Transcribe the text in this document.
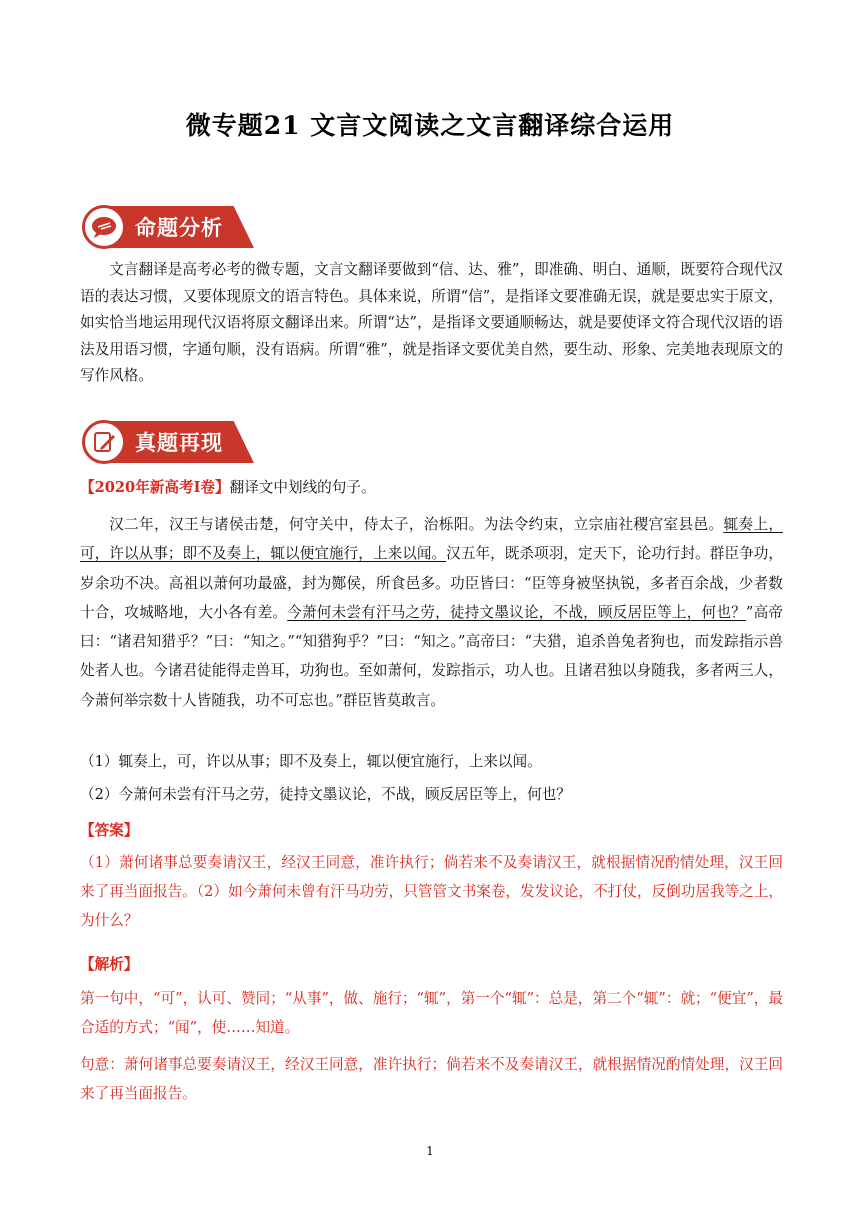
微专题21 文言文阅读之文言翻译综合运用
命题分析
文言翻译是高考必考的微专题，文言文翻译要做到“信、达、雅”，即准确、明白、通顺，既要符合现代汉语的表达习惯，又要体现原文的语言特色。具体来说，所谓“信”，是指译文要准确无误，就是要忠实于原文，如实恰当地运用现代汉语将原文翻译出来。所谓“达”，是指译文要通顺畅达，就是要使译文符合现代汉语的语法及用语习惯，字通句顺，没有语病。所谓“雅”，就是指译文要优美自然，要生动、形象、完美地表现原文的写作风格。
真题再现
【2020年新高考Ⅰ卷】翻译文中划线的句子。
汉二年，汉王与诸侯击楚，何守关中，侍太子，治栎阳。为法令约束，立宗庙社稷宫室县邑。辄奏上，可，许以从事；即不及奏上，辄以便宜施行，上来以闻。汉五年，既杀项羽，定天下，论功行封。群臣争功，岁余功不决。高祖以萧何功最盛，封为酂侯，所食邑多。功臣皆曰：“臣等身被坚执锐，多者百余战，少者数十合，攻城略地，大小各有差。今萧何未尝有汗马之劳，徒持文墨议论，不战，顾反居臣等上，何也？”高帝曰：“诸君知猎乎？”曰：“知之。”“知猎狗乎？”曰：“知之。”高帝曰：“夫猎，追杀兽兔者狗也，而发踪指示兽处者人也。今诸君徒能得走兽耳，功狗也。至如萧何，发踪指示，功人也。且诸君独以身随我，多者两三人，今萧何举宗数十人皆随我，功不可忘也。”群臣皆莫敢言。
（1）辄奏上，可，许以从事；即不及奏上，辄以便宜施行，上来以闻。
（2）今萧何未尝有汗马之劳，徒持文墨议论，不战，顾反居臣等上，何也？
【答案】
（1）萧何诸事总要奏请汉王，经汉王同意，准许执行；倘若来不及奏请汉王，就根据情况酌情处理，汉王回来了再当面报告。（2）如今萧何未曾有汗马功劳，只管管文书案卷，发发议论，不打仗，反倒功居我等之上，为什么？
【解析】
第一句中，“可”，认可、赞同；“从事”，做、施行；“辄”，第一个“辄”：总是，第二个“辄”：就；“便宜”，最合适的方式；“闻”，使……知道。
句意：萧何诸事总要奏请汉王，经汉王同意，准许执行；倘若来不及奏请汉王，就根据情况酌情处理，汉王回来了再当面报告。
1
